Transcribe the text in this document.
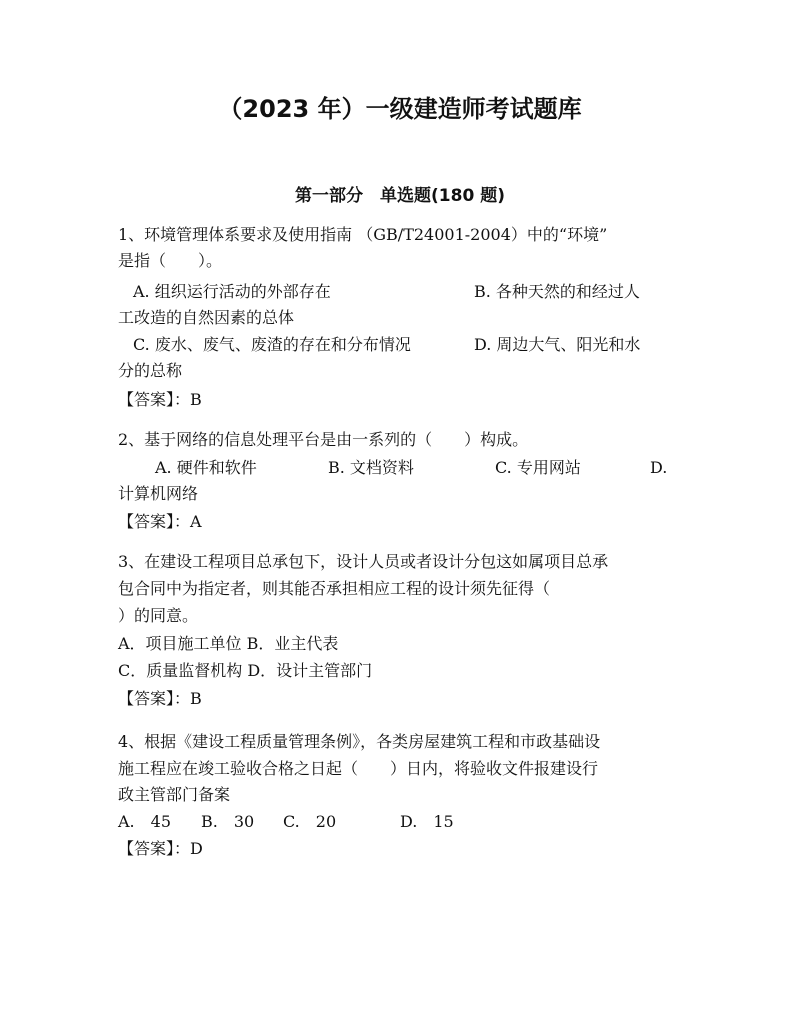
（2023 年）一级建造师考试题库
第一部分　单选题(180 题)
1、环境管理体系要求及使用指南 （GB/T24001-2004）中的“环境”
是指（　　）。

A. 组织运行活动的外部存在

	B. 各种天然的和经过人

工改造的自然因素的总体

C. 废水、废气、废渣的存在和分布情况

	D. 周边大气、阳光和水

分的总称
【答案】：B
2、基于网络的信息处理平台是由一系列的（　　）构成。

A. 硬件和软件

	B. 文档资料

	C. 专用网站

	D.

计算机网络
【答案】：A
3、在建设工程项目总承包下，设计人员或者设计分包这如属项目总承
包合同中为指定者，则其能否承担相应工程的设计须先征得（
）的同意。
A．项目施工单位 B．业主代表
C．质量监督机构 D．设计主管部门
【答案】：B
4、根据《建设工程质量管理条例》，各类房屋建筑工程和市政基础设
施工程应在竣工验收合格之日起（　　）日内，将验收文件报建设行
政主管部门备案

A.　45

B.　30

C.　20

	D.　15

【答案】：D
